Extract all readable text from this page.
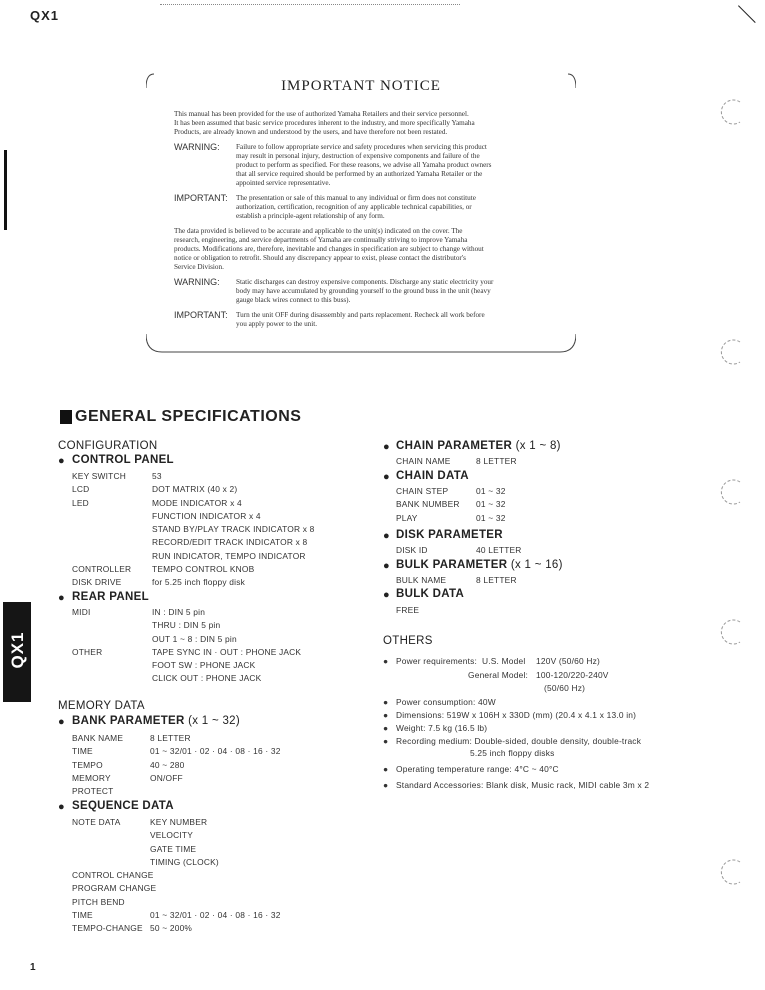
QX1
IMPORTANT NOTICE
This manual has been provided for the use of authorized Yamaha Retailers and their service personnel.
It has been assumed that basic service procedures inherent to the industry, and more specifically Yamaha
Products, are already known and understood by the users, and have therefore not been restated.
WARNING: Failure to follow appropriate service and safety procedures when servicing this product
may result in personal injury, destruction of expensive components and failure of the
product to perform as specified. For these reasons, we advise all Yamaha product owners
that all service required should be performed by an authorized Yamaha Retailer or the
appointed service representative.
IMPORTANT: The presentation or sale of this manual to any individual or firm does not constitute
authorization, certification, recognition of any applicable technical capabilities, or
establish a principle-agent relationship of any form.
The data provided is believed to be accurate and applicable to the unit(s) indicated on the cover. The
research, engineering, and service departments of Yamaha are continually striving to improve Yamaha
products. Modifications are, therefore, inevitable and changes in specification are subject to change without
notice or obligation to retrofit. Should any discrepancy appear to exist, please contact the distributor's
Service Division.
WARNING: Static discharges can destroy expensive components. Discharge any static electricity your
body may have accumulated by grounding yourself to the ground buss in the unit (heavy
gauge black wires connect to this buss).
IMPORTANT: Turn the unit OFF during disassembly and parts replacement. Recheck all work before
you apply power to the unit.
GENERAL SPECIFICATIONS
CONFIGURATION
● CONTROL PANEL
KEY SWITCH	53
LCD	DOT MATRIX (40 x 2)
LED	MODE INDICATOR x 4
FUNCTION INDICATOR x 4
STAND BY/PLAY TRACK INDICATOR x 8
RECORD/EDIT TRACK INDICATOR x 8
RUN INDICATOR, TEMPO INDICATOR
CONTROLLER TEMPO CONTROL KNOB
DISK DRIVE	for 5.25 inch floppy disk
● REAR PANEL
MIDI	IN : DIN 5 pin
THRU : DIN 5 pin
OUT 1 ~ 8 : DIN 5 pin
OTHER	TAPE SYNC IN · OUT : PHONE JACK
FOOT SW : PHONE JACK
CLICK OUT : PHONE JACK
MEMORY DATA
● BANK PARAMETER (x 1 ~ 32)
BANK NAME	8 LETTER
TIME	01 ~ 32/01 · 02 · 04 · 08 · 16 · 32
TEMPO	40 ~ 280
MEMORY	ON/OFF
PROTECT
● SEQUENCE DATA
NOTE DATA	KEY NUMBER
VELOCITY
GATE TIME
TIMING (CLOCK)
CONTROL CHANGE
PROGRAM CHANGE
PITCH BEND
TIME	01 ~ 32/01 · 02 · 04 · 08 · 16 · 32
TEMPO-CHANGE 50 ~ 200%
● CHAIN PARAMETER (x 1 ~ 8)
CHAIN NAME	8 LETTER
● CHAIN DATA
CHAIN STEP	01 ~ 32
BANK NUMBER 01 ~ 32
PLAY	01 ~ 32
● DISK PARAMETER
DISK ID	40 LETTER
● BULK PARAMETER (x 1 ~ 16)
BULK NAME	8 LETTER
● BULK DATA
FREE
OTHERS
● Power requirements: U.S. Model 120V (50/60 Hz)
General Model: 100-120/220-240V
(50/60 Hz)
● Power consumption: 40W
● Dimensions: 519W x 106H x 330D (mm) (20.4 x 4.1 x 13.0 in)
● Weight: 7.5 kg (16.5 lb)
● Recording medium: Double-sided, double density, double-track
5.25 inch floppy disks
● Operating temperature range: 4°C ~ 40°C
● Standard Accessories: Blank disk, Music rack, MIDI cable 3m x 2
QX1
1
